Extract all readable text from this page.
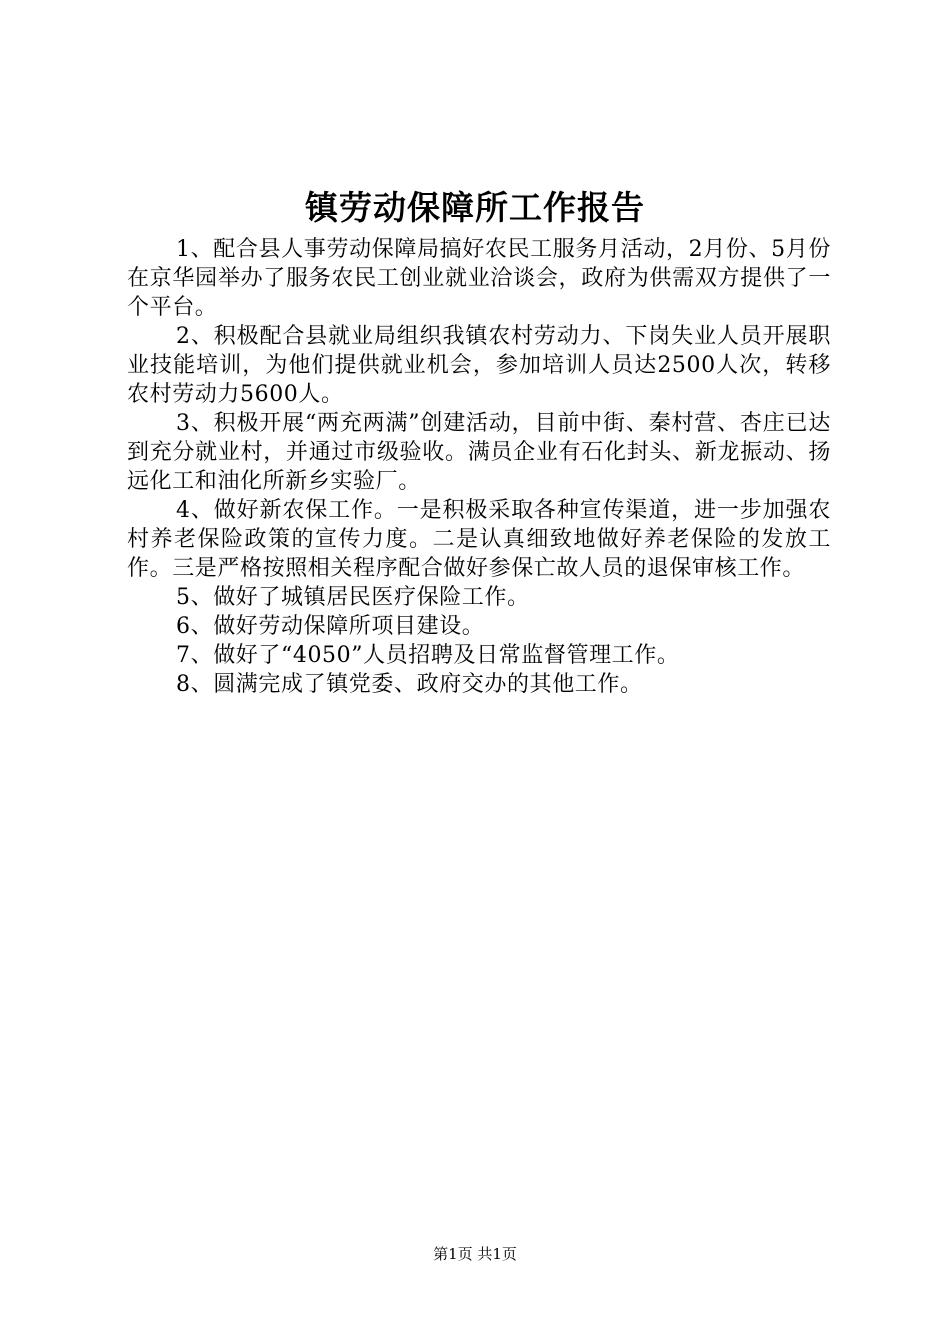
镇劳动保障所工作报告

1、配合县人事劳动保障局搞好农民工服务月活动，2月份、5月份在京华园举办了服务农民工创业就业洽谈会，政府为供需双方提供了一个平台。

2、积极配合县就业局组织我镇农村劳动力、下岗失业人员开展职业技能培训，为他们提供就业机会，参加培训人员达2500人次，转移农村劳动力5600人。

3、积极开展“两充两满”创建活动，目前中街、秦村营、杏庄已达到充分就业村，并通过市级验收。满员企业有石化封头、新龙振动、扬远化工和油化所新乡实验厂。

4、做好新农保工作。一是积极采取各种宣传渠道，进一步加强农村养老保险政策的宣传力度。二是认真细致地做好养老保险的发放工作。三是严格按照相关程序配合做好参保亡故人员的退保审核工作。

5、做好了城镇居民医疗保险工作。

6、做好劳动保障所项目建设。

7、做好了“4050”人员招聘及日常监督管理工作。

8、圆满完成了镇党委、政府交办的其他工作。

第1页 共1页
